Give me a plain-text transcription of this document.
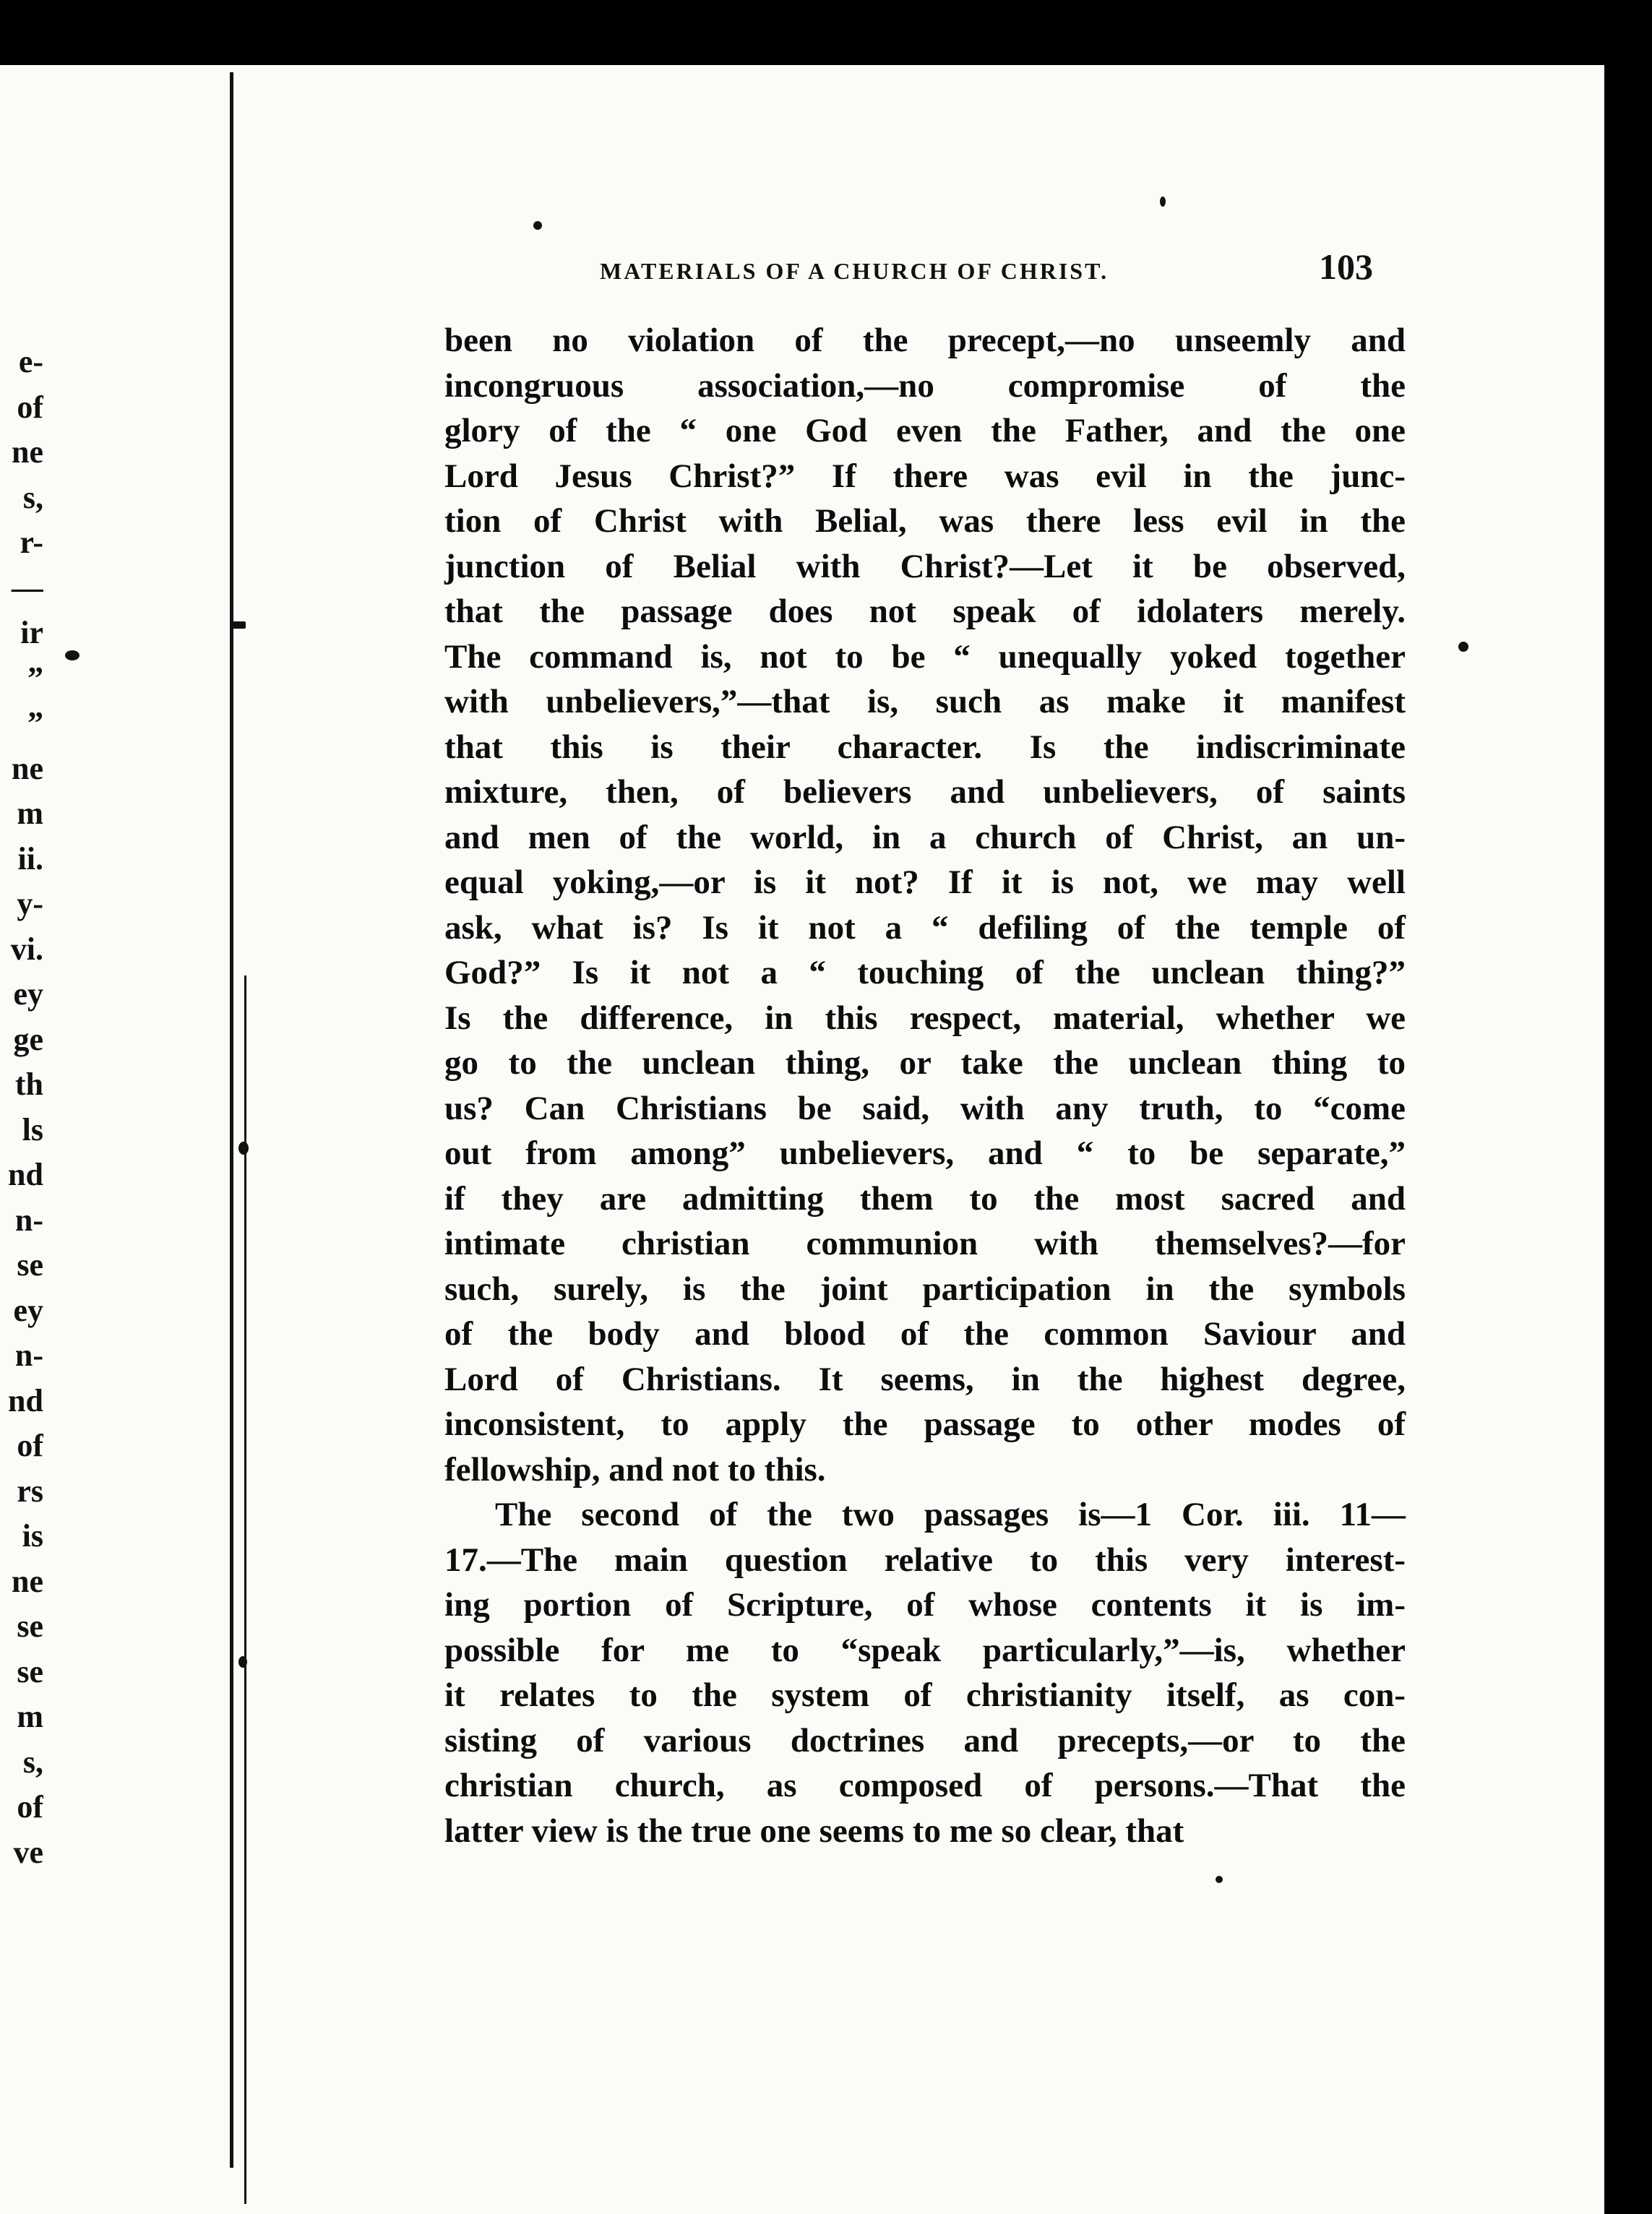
e-
of
ne
s,
r-
—
ir
”
”
ne
m
ii.
y-
vi.
ey
ge
th
ls
nd
n-
se
ey
n-
nd
of
rs
is
ne
se
se
m
s,
of
ve
MATERIALS OF A CHURCH OF CHRIST.	103
been no violation of the precept,—no unseemly and
incongruous association,—no compromise of the
glory of the “ one God even the Father, and the one
Lord Jesus Christ?” If there was evil in the junc-
tion of Christ with Belial, was there less evil in the
junction of Belial with Christ?—Let it be observed,
that the passage does not speak of idolaters merely.
The command is, not to be “ unequally yoked together
with unbelievers,”—that is, such as make it manifest
that this is their character. Is the indiscriminate
mixture, then, of believers and unbelievers, of saints
and men of the world, in a church of Christ, an un-
equal yoking,—or is it not? If it is not, we may well
ask, what is? Is it not a “ defiling of the temple of
God?” Is it not a “ touching of the unclean thing?”
Is the difference, in this respect, material, whether we
go to the unclean thing, or take the unclean thing to
us? Can Christians be said, with any truth, to “come
out from among” unbelievers, and “ to be separate,”
if they are admitting them to the most sacred and
intimate christian communion with themselves?—for
such, surely, is the joint participation in the symbols
of the body and blood of the common Saviour and
Lord of Christians. It seems, in the highest degree,
inconsistent, to apply the passage to other modes of
fellowship, and not to this.
The second of the two passages is—1 Cor. iii. 11—
17.—The main question relative to this very interest-
ing portion of Scripture, of whose contents it is im-
possible for me to “speak particularly,”—is, whether
it relates to the system of christianity itself, as con-
sisting of various doctrines and precepts,—or to the
christian church, as composed of persons.—That the
latter view is the true one seems to me so clear, that
